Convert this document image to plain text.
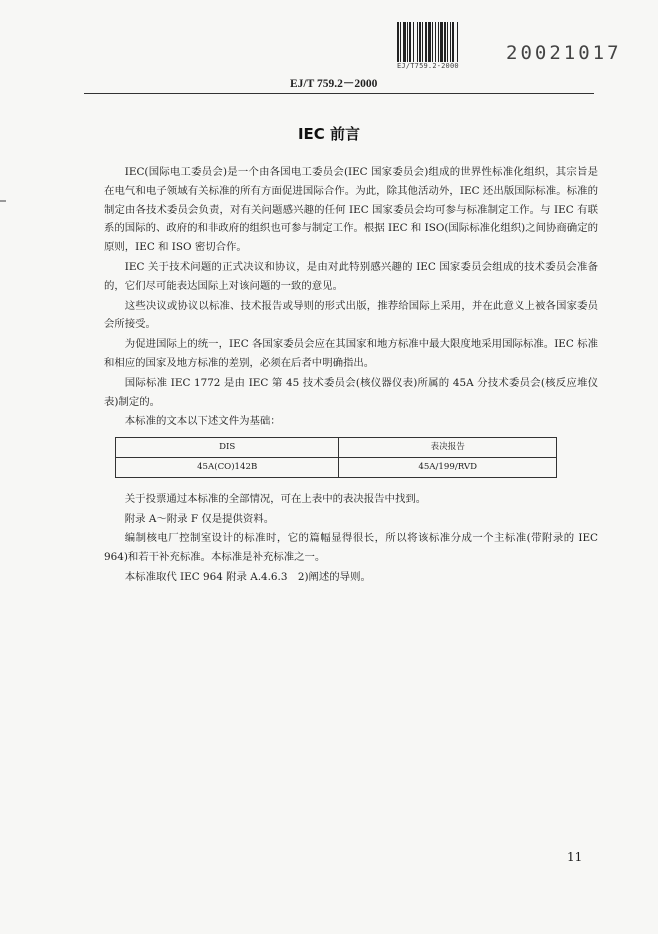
EJ/T759.2-2000
20021017
EJ/T 759.2－2000
IEC 前言

IEC(国际电工委员会)是一个由各国电工委员会(IEC 国家委员会)组成的世界性标准化组织，其宗旨是在电气和电子领域有关标准的所有方面促进国际合作。为此，除其他活动外，IEC 还出版国际标准。标准的制定由各技术委员会负责，对有关问题感兴趣的任何 IEC 国家委员会均可参与标准制定工作。与 IEC 有联系的国际的、政府的和非政府的组织也可参与制定工作。根据 IEC 和 ISO(国际标准化组织)之间协商确定的原则，IEC 和 ISO 密切合作。

IEC 关于技术问题的正式决议和协议，是由对此特别感兴趣的 IEC 国家委员会组成的技术委员会准备的，它们尽可能表达国际上对该问题的一致的意见。

这些决议或协议以标准、技术报告或导则的形式出版，推荐给国际上采用，并在此意义上被各国家委员会所接受。

为促进国际上的统一，IEC 各国家委员会应在其国家和地方标准中最大限度地采用国际标准。IEC 标准和相应的国家及地方标准的差别，必须在后者中明确指出。

国际标准 IEC 1772 是由 IEC 第 45 技术委员会(核仪器仪表)所属的 45A 分技术委员会(核反应堆仪表)制定的。

本标准的文本以下述文件为基础：

DIS	表决报告
45A(CO)142B	45A/199/RVD

关于投票通过本标准的全部情况，可在上表中的表决报告中找到。

附录 A～附录 F 仅是提供资料。

编制核电厂控制室设计的标准时，它的篇幅显得很长，所以将该标准分成一个主标准(带附录的 IEC 964)和若干补充标准。本标准是补充标准之一。

本标准取代 IEC 964 附录 A.4.6.3　2)阐述的导则。

11
